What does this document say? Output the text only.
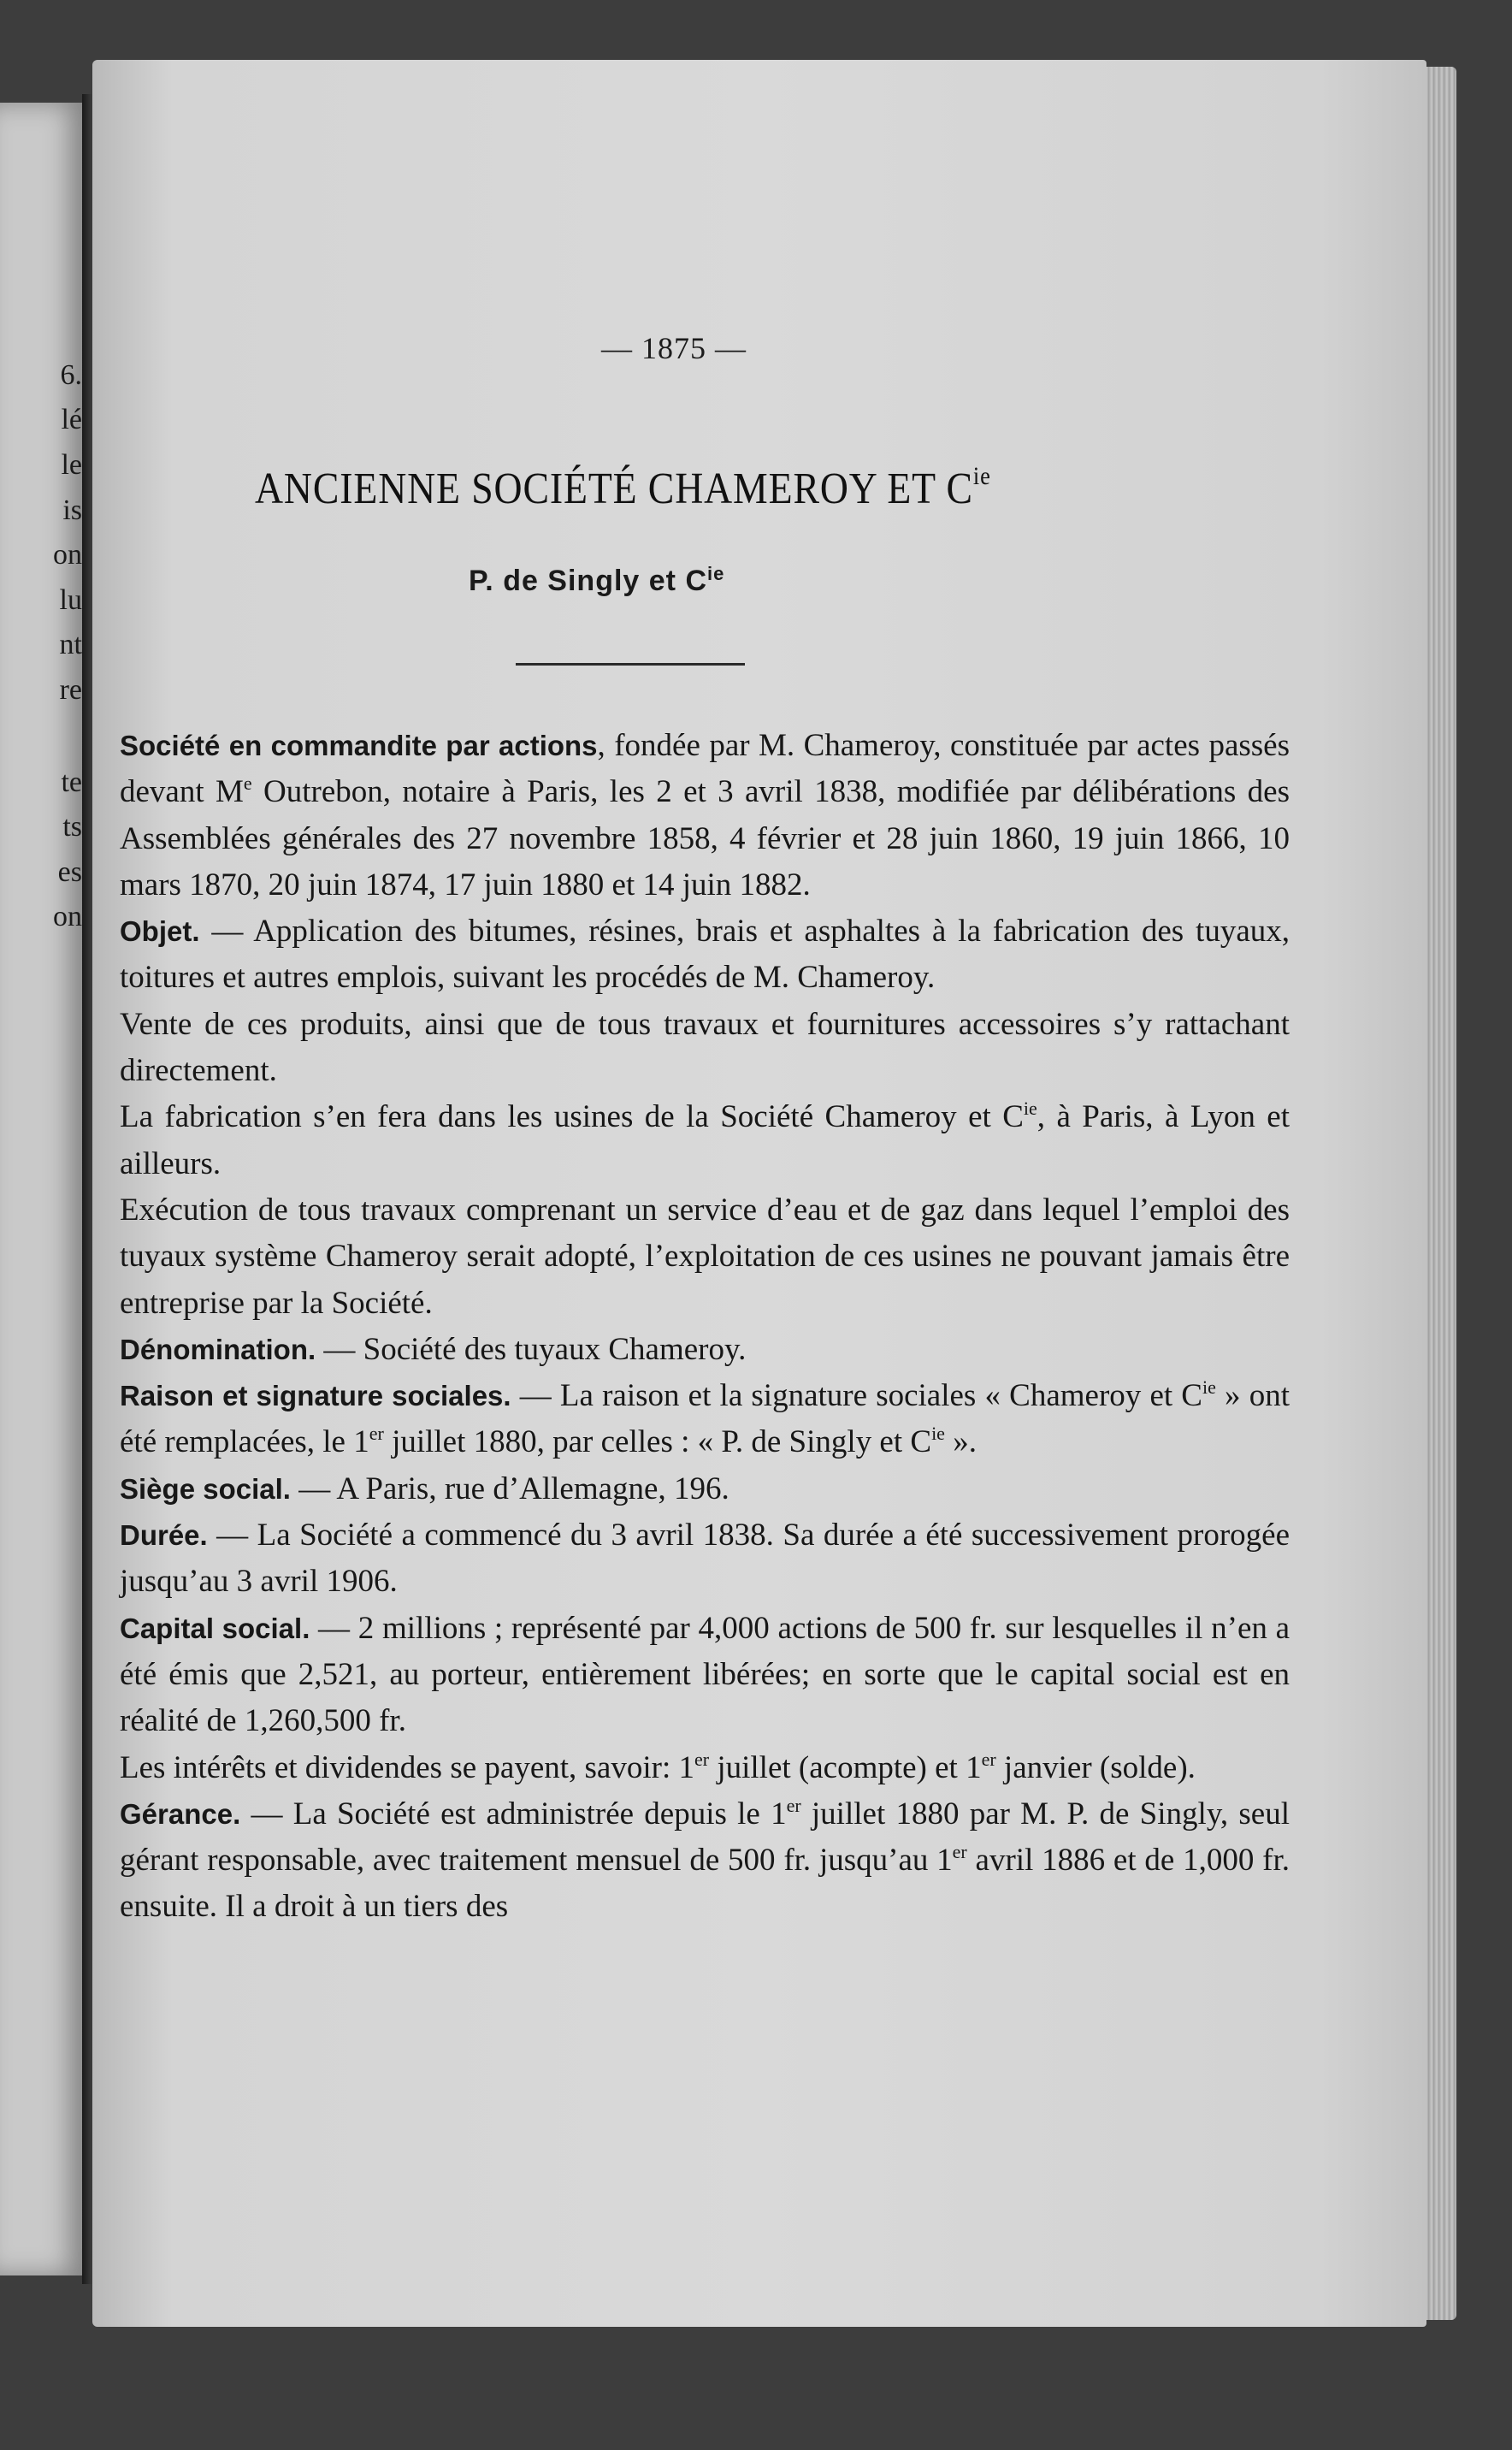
6.
lé
le
is
on
lu
nt
re
te
ts
es
on
— 1875 —
ANCIENNE SOCIÉTÉ CHAMEROY ET $C^{ie}$
P. de Singly et $C^{ie}$

Société en commandite par actions, fondée par M. Chameroy, constituée par actes passés devant Me Outrebon, notaire à Paris, les 2 et 3 avril 1838, modifiée par délibérations des Assemblées générales des 27 novembre 1858, 4 février et 28 juin 1860, 19 juin 1866, 10 mars 1870, 20 juin 1874, 17 juin 1880 et 14 juin 1882.

Objet. — Application des bitumes, résines, brais et asphaltes à la fabrication des tuyaux, toitures et autres emplois, suivant les procédés de M. Chameroy.

Vente de ces produits, ainsi que de tous travaux et fournitures accessoires s’y rattachant directement.

La fabrication s’en fera dans les usines de la Société Chameroy et $C^{ie}$, à Paris, à Lyon et ailleurs.

Exécution de tous travaux comprenant un service d’eau et de gaz dans lequel l’emploi des tuyaux système Chameroy serait adopté, l’exploitation de ces usines ne pouvant jamais être entreprise par la Société.

Dénomination. — Société des tuyaux Chameroy.

Raison et signature sociales. — La raison et la signature sociales « Chameroy et $C^{ie}$ » ont été remplacées, le 1er juillet 1880, par celles : « P. de Singly et $C^{ie}$ ».

Siège social. — A Paris, rue d’Allemagne, 196.

Durée. — La Société a commencé du 3 avril 1838. Sa durée a été successivement prorogée jusqu’au 3 avril 1906.

Capital social. — 2 millions ; représenté par 4,000 actions de 500 fr. sur lesquelles il n’en a été émis que 2,521, au porteur, entièrement libérées; en sorte que le capital social est en réalité de 1,260,500 fr.

Les intérêts et dividendes se payent, savoir: 1er juillet (acompte) et 1er janvier (solde).

Gérance. — La Société est administrée depuis le 1er juillet 1880 par M. P. de Singly, seul gérant responsable, avec traitement mensuel de 500 fr. jusqu’au 1er avril 1886 et de 1,000 fr. ensuite. Il a droit à un tiers des
